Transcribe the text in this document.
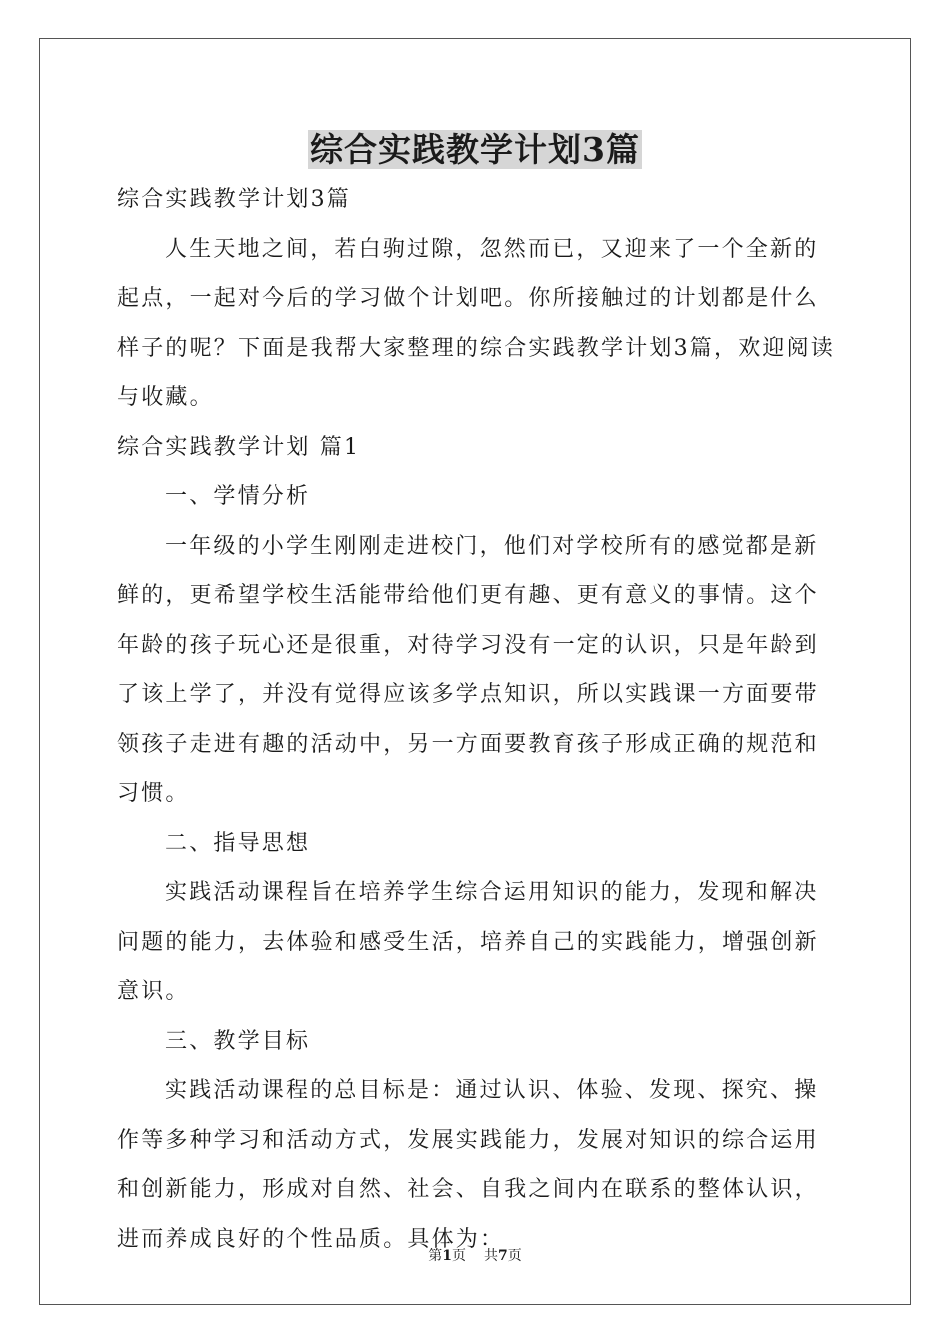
综合实践教学计划3篇

综合实践教学计划3篇

人生天地之间，若白驹过隙，忽然而已，又迎来了一个全新的起点，一起对今后的学习做个计划吧。你所接触过的计划都是什么样子的呢？下面是我帮大家整理的综合实践教学计划3篇，欢迎阅读与收藏。

综合实践教学计划 篇1

一、学情分析

一年级的小学生刚刚走进校门，他们对学校所有的感觉都是新鲜的，更希望学校生活能带给他们更有趣、更有意义的事情。这个年龄的孩子玩心还是很重，对待学习没有一定的认识，只是年龄到了该上学了，并没有觉得应该多学点知识，所以实践课一方面要带领孩子走进有趣的活动中，另一方面要教育孩子形成正确的规范和习惯。

二、指导思想

实践活动课程旨在培养学生综合运用知识的能力，发现和解决问题的能力，去体验和感受生活，培养自己的实践能力，增强创新意识。

三、教学目标

实践活动课程的总目标是：通过认识、体验、发现、探究、操作等多种学习和活动方式，发展实践能力，发展对知识的综合运用和创新能力，形成对自然、社会、自我之间内在联系的整体认识，进而养成良好的个性品质。具体为：

第1页 共7页
